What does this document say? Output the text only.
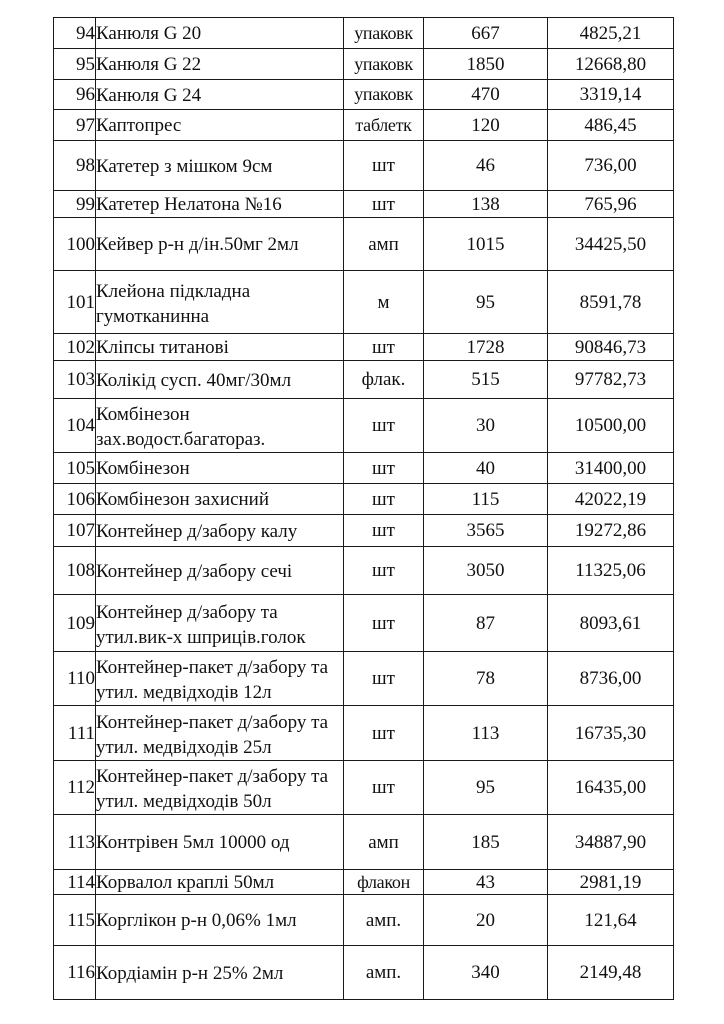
94	Канюля G 20	упаковк	667	4825,21
95	Канюля G 22	упаковк	1850	12668,80
96	Канюля G 24	упаковк	470	3319,14
97	Каптопрес	таблетк	120	486,45
98	Катетер з мішком 9см	шт	46	736,00
99	Катетер Нелатона №16	шт	138	765,96
100	Кейвер р-н д/ін.50мг 2мл	амп	1015	34425,50
101	Клейона підкладна гумотканинна	м	95	8591,78
102	Кліпсы титанові	шт	1728	90846,73
103	Колікід сусп. 40мг/30мл	флак.	515	97782,73
104	Комбінезон зах.водост.багатораз.	шт	30	10500,00
105	Комбінезон	шт	40	31400,00
106	Комбінезон захисний	шт	115	42022,19
107	Контейнер д/забору калу	шт	3565	19272,86
108	Контейнер д/забору сечі	шт	3050	11325,06
109	Контейнер д/забору та утил.вик-х шприців.голок	шт	87	8093,61
110	Контейнер-пакет д/забору та утил. медвідходів 12л	шт	78	8736,00
111	Контейнер-пакет д/забору та утил. медвідходів 25л	шт	113	16735,30
112	Контейнер-пакет д/забору та утил. медвідходів 50л	шт	95	16435,00
113	Контрівен 5мл 10000 од	амп	185	34887,90
114	Корвалол краплі 50мл	флакон	43	2981,19
115	Корглікон р-н 0,06% 1мл	амп.	20	121,64
116	Кордіамін р-н 25% 2мл	амп.	340	2149,48
